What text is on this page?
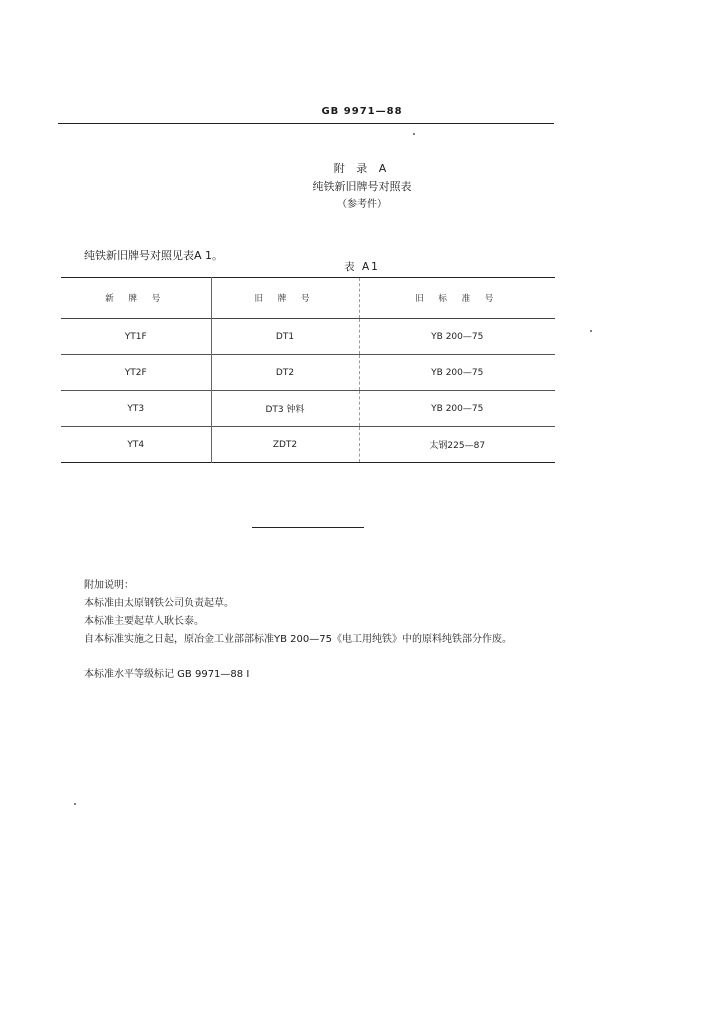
GB 9971—88
附 录 A
纯铁新旧牌号对照表
（参考件）
纯铁新旧牌号对照见表A 1。
表 A1
新 牌 号	旧 牌 号	旧 标 准 号
YT1F	DT1	YB 200—75
YT2F	DT2	YB 200—75
YT3	DT3 钟料	YB 200—75
YT4	ZDT2	太钢225—87
附加说明：
本标准由太原钢铁公司负责起草。
本标准主要起草人耿长泰。
自本标准实施之日起，原冶金工业部部标准YB 200—75《电工用纯铁》中的原料纯铁部分作废。
本标准水平等级标记 GB 9971—88 I
